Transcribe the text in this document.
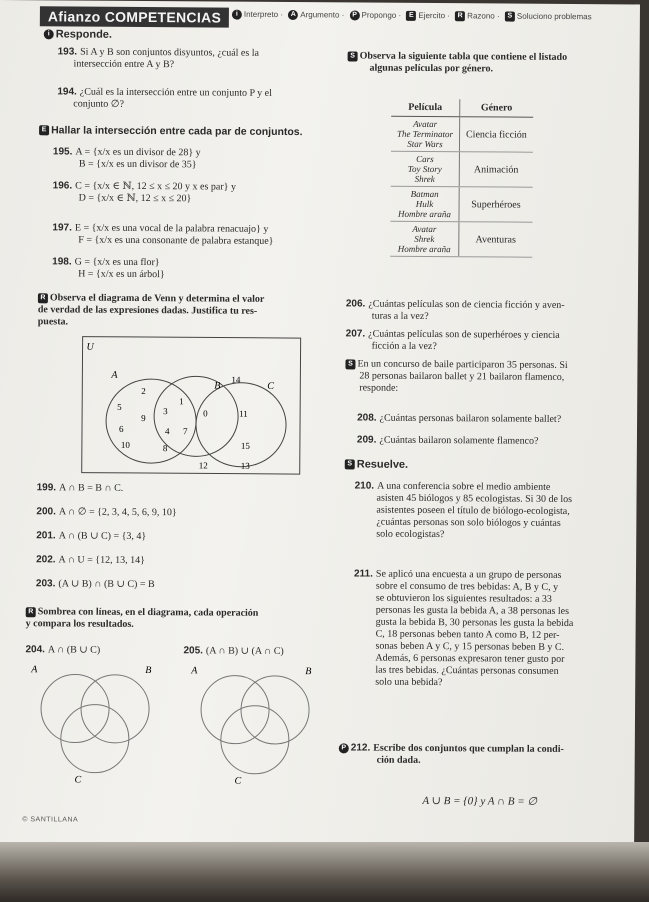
Afianzo COMPETENCIAS	i Interpreto · A Argumento · P Propongo · E Ejercito · R Razono · S Soluciono problemas
i Responde.
193. Si A y B son conjuntos disyuntos, ¿cuál es la
intersección entre A y B?
194. ¿Cuál es la intersección entre un conjunto P y el
conjunto ∅?
E Hallar la intersección entre cada par de conjuntos.
195. A = {x/x es un divisor de 28} y
B = {x/x es un divisor de 35}
196. C = {x/x ∈ ℕ, 12 ≤ x ≤ 20 y x es par} y
D = {x/x ∈ ℕ, 12 ≤ x ≤ 20}
197. E = {x/x es una vocal de la palabra renacuajo} y
F = {x/x es una consonante de palabra estanque}
198. G = {x/x es una flor}
H = {x/x es un árbol}
R Observa el diagrama de Venn y determina el valor
de verdad de las expresiones dadas. Justifica tu res-
puesta.
U
A
B	C
2
1
3
5
9
4
6	7
10	8
0	11
14
15
12	13
199. A ∩ B = B ∩ C.
200. A ∩ ∅ = {2, 3, 4, 5, 6, 9, 10}
201. A ∩ (B ∪ C) = {3, 4}
202. A ∩ U = {12, 13, 14}
203. (A ∪ B) ∩ (B ∪ C) = B
R Sombrea con líneas, en el diagrama, cada operación
y compara los resultados.
204. A ∩ (B ∪ C)	205. (A ∩ B) ∪ (A ∩ C)
A	B
C
A	B
C
© SANTILLANA
S Observa la siguiente tabla que contiene el listado
algunas películas por género.
Película	Género
Avatar
The Terminator
Star Wars	Ciencia ficción
Cars
Toy Story
Shrek	Animación
Batman
Hulk
Hombre araña	Superhéroes
Avatar
Shrek
Hombre araña	Aventuras
206. ¿Cuántas películas son de ciencia ficción y aven-
turas a la vez?
207. ¿Cuántas películas son de superhéroes y ciencia
ficción a la vez?
S En un concurso de baile participaron 35 personas. Si
28 personas bailaron ballet y 21 bailaron flamenco,
responde:
208. ¿Cuántas personas bailaron solamente ballet?
209. ¿Cuántas bailaron solamente flamenco?
S Resuelve.
210. A una conferencia sobre el medio ambiente
asisten 45 biólogos y 85 ecologistas. Si 30 de los
asistentes poseen el título de biólogo-ecologista,
¿cuántas personas son solo biólogos y cuántas
solo ecologistas?
211. Se aplicó una encuesta a un grupo de personas
sobre el consumo de tres bebidas: A, B y C, y
se obtuvieron los siguientes resultados: a 33
personas les gusta la bebida A, a 38 personas les
gusta la bebida B, 30 personas les gusta la bebida
C, 18 personas beben tanto A como B, 12 per-
sonas beben A y C, y 15 personas beben B y C.
Además, 6 personas expresaron tener gusto por
las tres bebidas. ¿Cuántas personas consumen
solo una bebida?
P 212. Escribe dos conjuntos que cumplan la condi-
ción dada.
A ∪ B = {0} y A ∩ B = ∅
